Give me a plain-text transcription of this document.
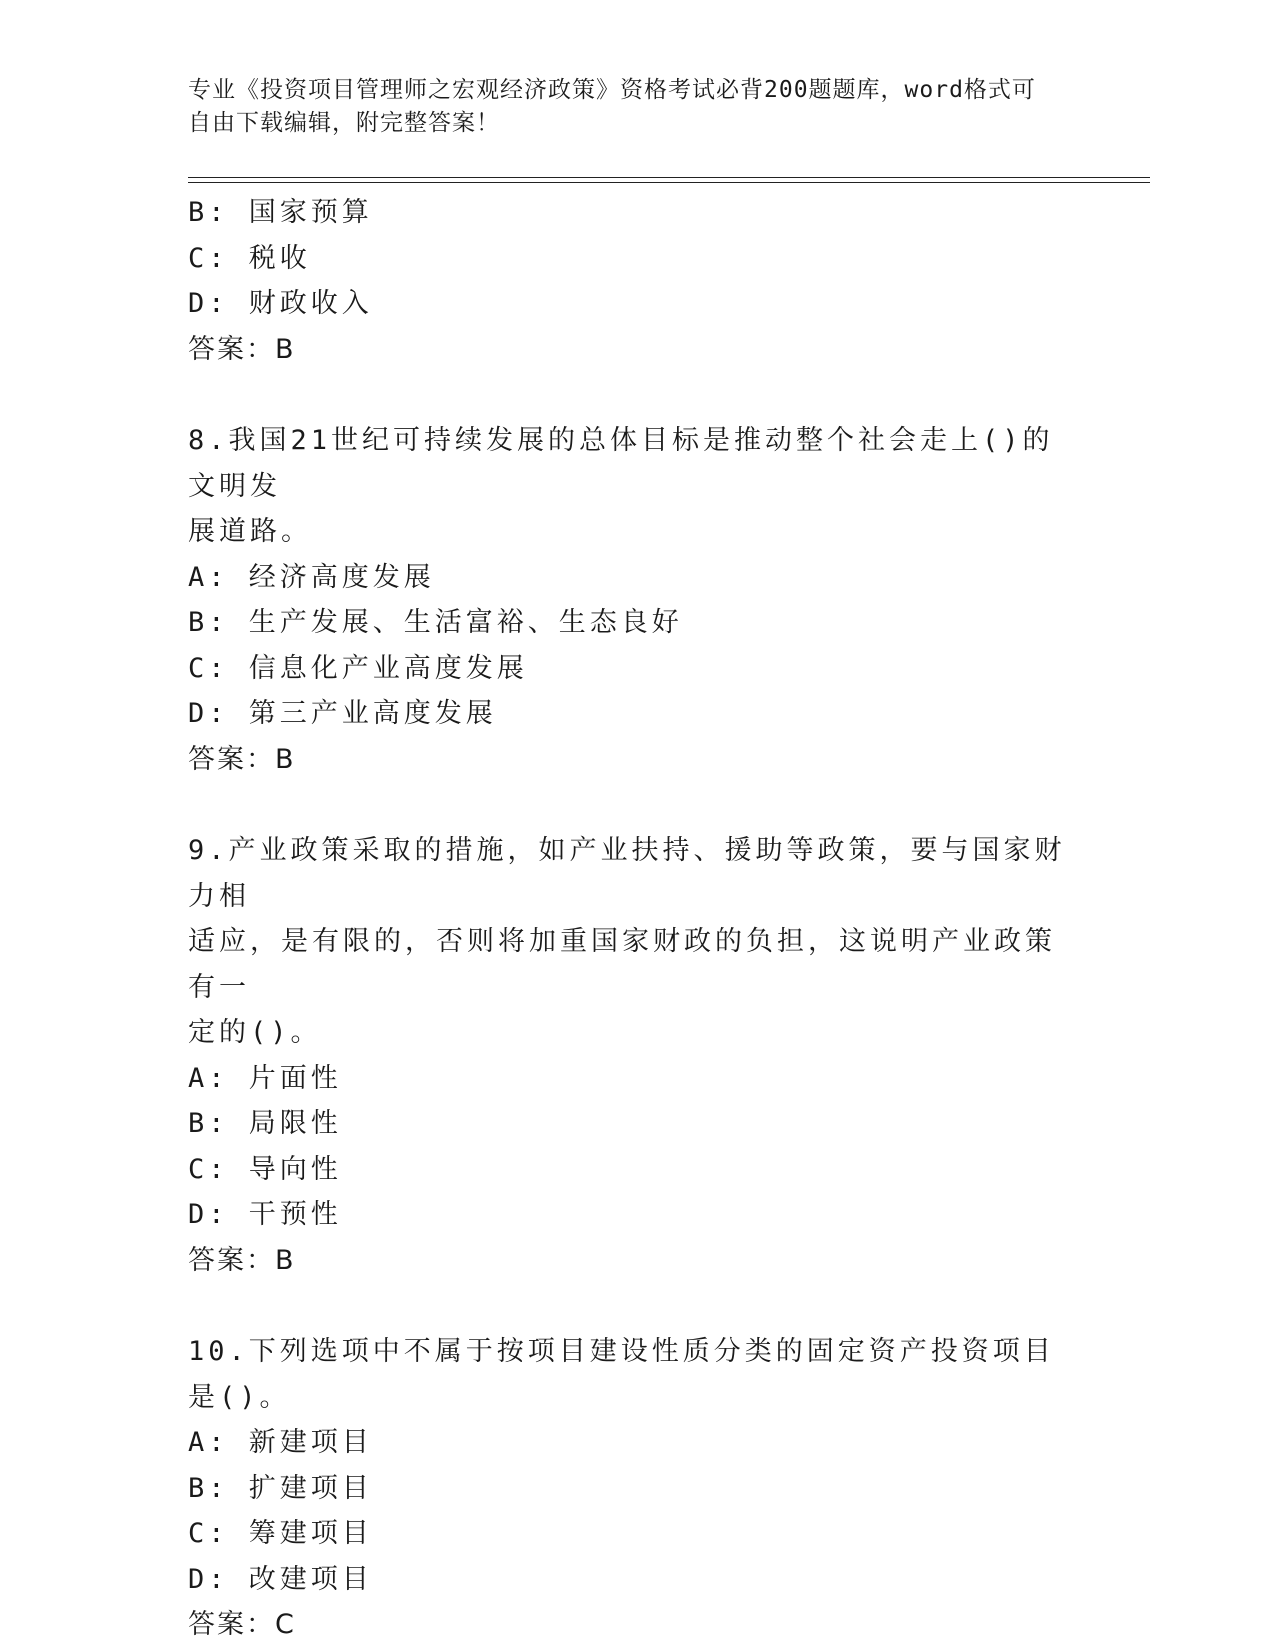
专业《投资项目管理师之宏观经济政策》资格考试必背200题题库，word格式可
自由下载编辑，附完整答案！
B: 国家预算
C: 税收
D: 财政收入
答案：B
8.我国21世纪可持续发展的总体目标是推动整个社会走上()的文明发
展道路。
A: 经济高度发展
B: 生产发展、生活富裕、生态良好
C: 信息化产业高度发展
D: 第三产业高度发展
答案：B
9.产业政策采取的措施，如产业扶持、援助等政策，要与国家财力相
适应，是有限的，否则将加重国家财政的负担，这说明产业政策有一
定的()。
A: 片面性
B: 局限性
C: 导向性
D: 干预性
答案：B
10.下列选项中不属于按项目建设性质分类的固定资产投资项目是()。
A: 新建项目
B: 扩建项目
C: 筹建项目
D: 改建项目
答案：C
